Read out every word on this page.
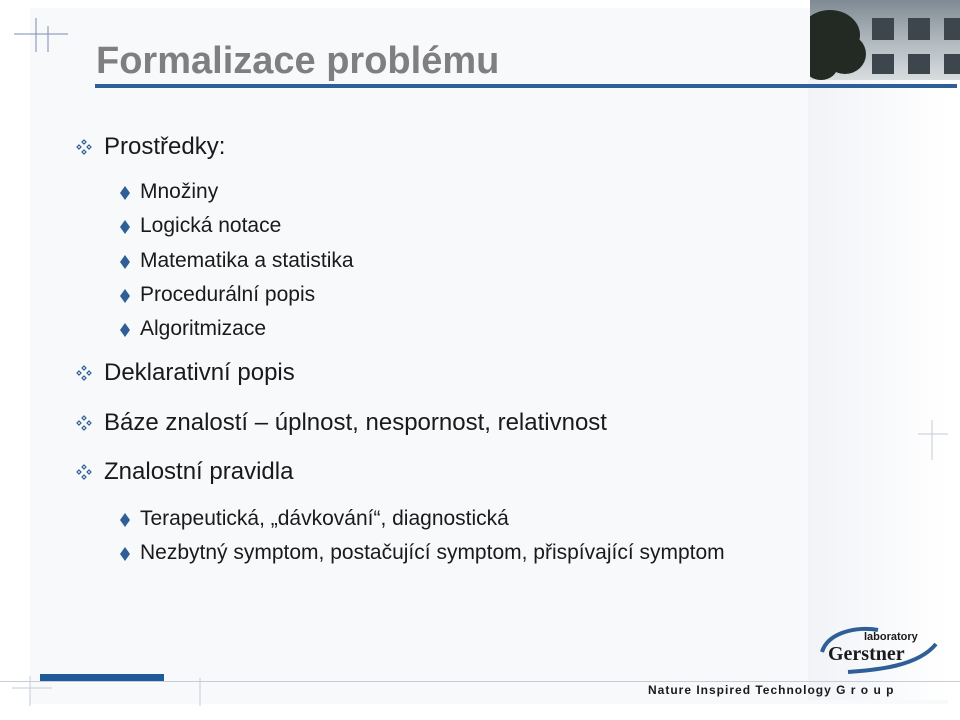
Formalizace problému
Prostředky:
Množiny
Logická notace
Matematika a statistika
Procedurální popis
Algoritmizace
Deklarativní popis
Báze znalostí – úplnost, nespornost, relativnost
Znalostní pravidla
Terapeutická, „dávkování“, diagnostická
Nezbytný symptom, postačující symptom, přispívající symptom
laboratory
Gerstner
Nature Inspired Technology G r o u p
